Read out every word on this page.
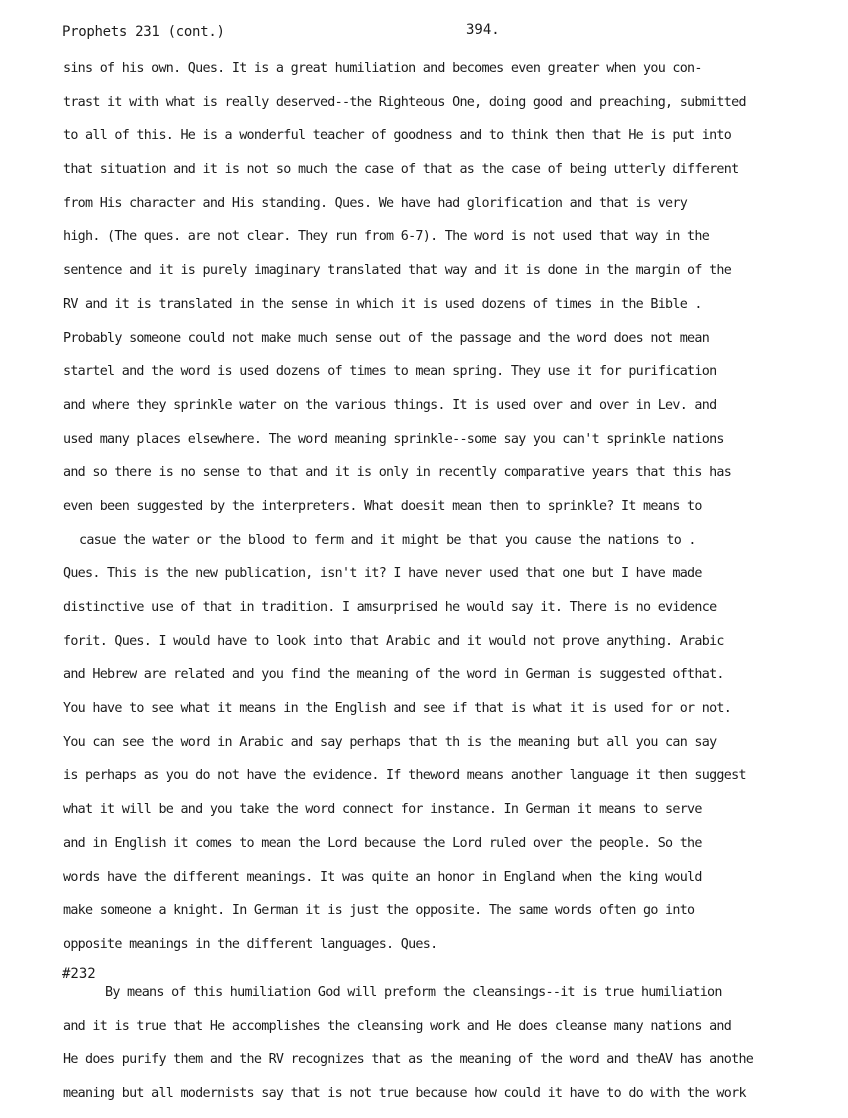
Prophets 231 (cont.)	394.
sins of his own. Ques. It is a great humiliation and becomes even greater when you con-
trast it with what is really deserved--the Righteous One, doing good and preaching, submitted
to all of this. He is a wonderful teacher of goodness and to think then that He is put into
that situation and it is not so much the case of that as the case of being utterly different
from His character and His standing. Ques. We have had glorification and that is very
high. (The ques. are not clear. They run from 6-7). The word is not used that way in the
sentence and it is purely imaginary translated that way and it is done in the margin of the
RV and it is translated in the sense in which it is used dozens of times in the Bible .
Probably someone could not make much sense out of the passage and the word does not mean
startel and the word is used dozens of times to mean spring. They use it for purification
and where they sprinkle water on the various things. It is used over and over in Lev. and
used many places elsewhere. The word meaning sprinkle--some say you can't sprinkle nations
and so there is no sense to that and it is only in recently comparative years that this has
even been suggested by the interpreters. What doesit mean then to sprinkle? It means to
casue the water or the blood to ferm and it might be that you cause the nations to .
Ques. This is the new publication, isn't it? I have never used that one but I have made
distinctive use of that in tradition. I amsurprised he would say it. There is no evidence
forit. Ques. I would have to look into that Arabic and it would not prove anything. Arabic
and Hebrew are related and you find the meaning of the word in German is suggested ofthat.
You have to see what it means in the English and see if that is what it is used for or not.
You can see the word in Arabic and say perhaps that th is the meaning but all you can say
is perhaps as you do not have the evidence. If theword means another language it then suggest
what it will be and you take the word connect for instance. In German it means to serve
and in English it comes to mean the Lord because the Lord ruled over the people. So the
words have the different meanings. It was quite an honor in England when the king would
make someone a knight. In German it is just the opposite. The same words often go into
opposite meanings in the different languages. Ques.
#232
By means of this humiliation God will preform the cleansings--it is true humiliation
and it is true that He accomplishes the cleansing work and He does cleanse many nations and
He does purify them and the RV recognizes that as the meaning of the word and theAV has anothe
meaning but all modernists say that is not true because how could it have to do with the work
